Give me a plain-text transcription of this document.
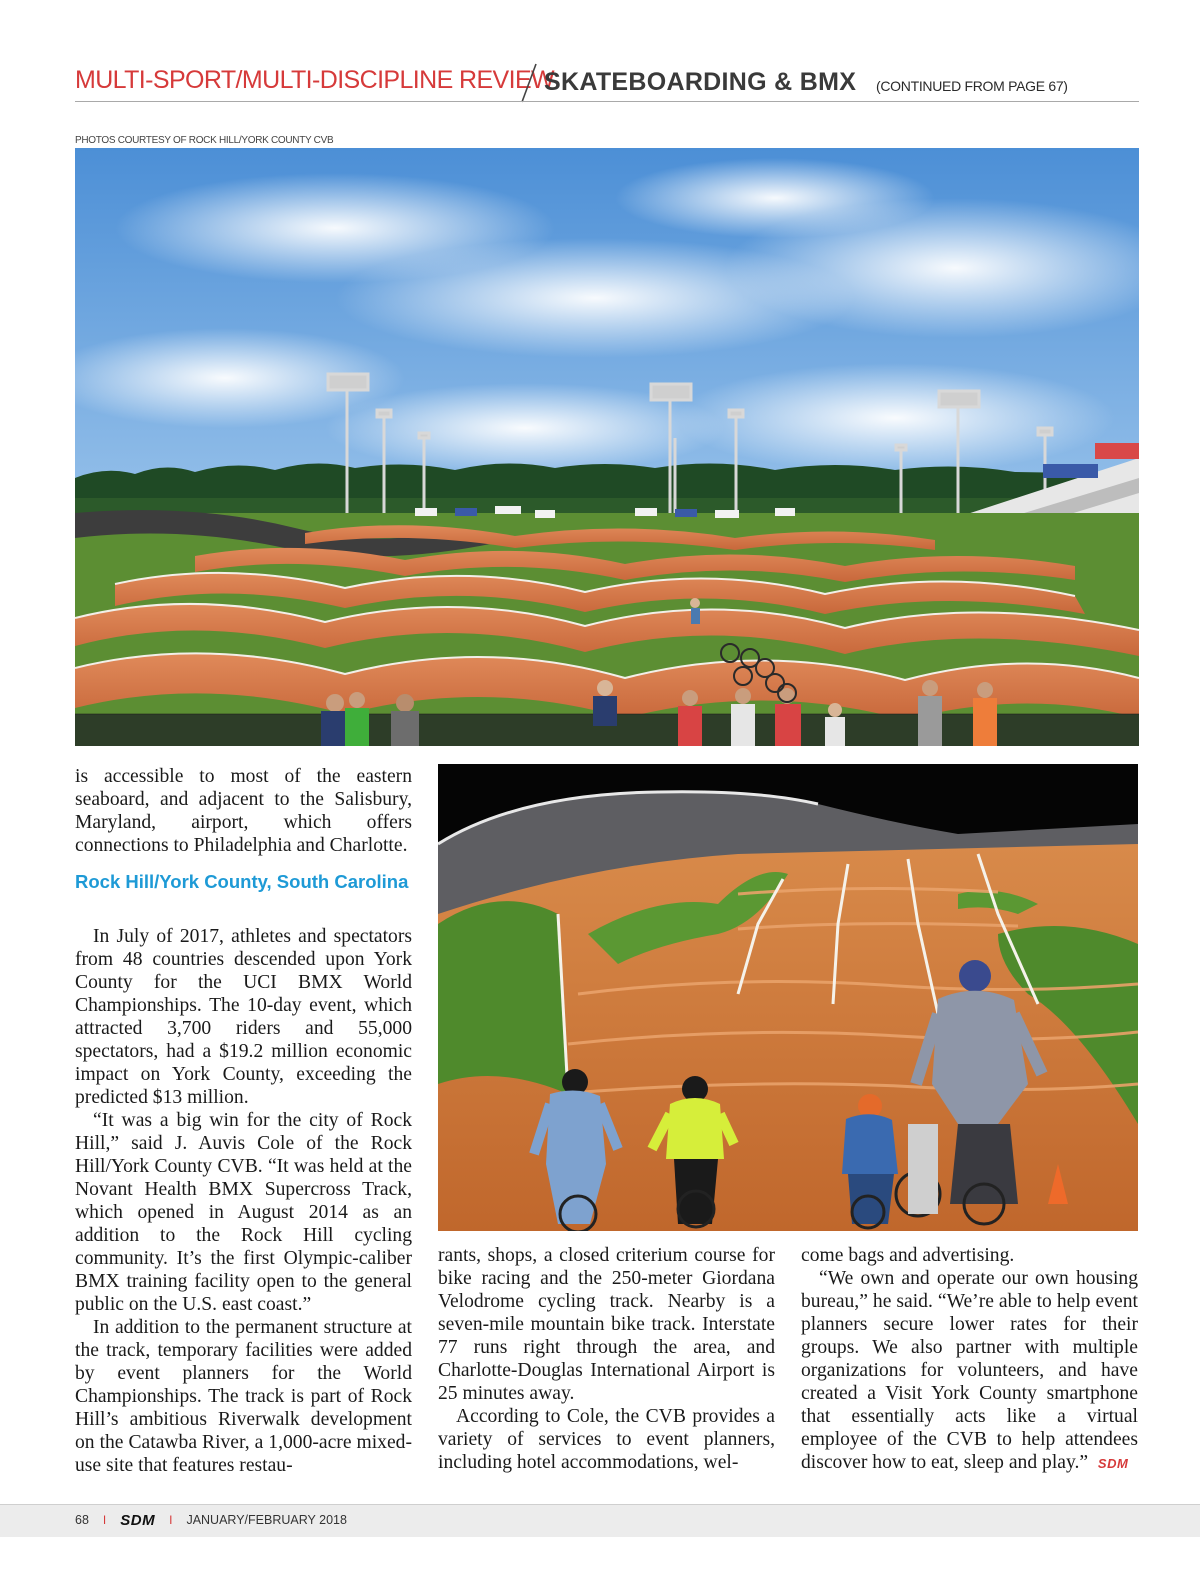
MULTI-SPORT/MULTI-DISCIPLINE REVIEW
SKATEBOARDING & BMX (CONTINUED FROM PAGE 67)
PHOTOS COURTESY OF ROCK HILL/YORK COUNTY CVB

is accessible to most of the eastern seaboard, and adjacent to the Salisbury, Maryland, airport, which offers connections to Philadelphia and Charlotte.

Rock Hill/York County, South Carolina

In July of 2017, athletes and spectators from 48 countries descended upon York County for the UCI BMX World Championships. The 10-day event, which attracted 3,700 riders and 55,000 spectators, had a $19.2 million economic impact on York County, exceeding the predicted $13 million.

“It was a big win for the city of Rock Hill,” said J. Auvis Cole of the Rock Hill/York County CVB. “It was held at the Novant Health BMX Supercross Track, which opened in August 2014 as an addition to the Rock Hill cycling community. It’s the first Olympic-caliber BMX training facility open to the general public on the U.S. east coast.”

In addition to the permanent structure at the track, temporary facilities were added by event planners for the World Championships. The track is part of Rock Hill’s ambitious Riverwalk development on the Catawba River, a 1,000-acre mixed-use site that features restau-

rants, shops, a closed criterium course for bike racing and the 250-meter Giordana Velodrome cycling track. Nearby is a seven-mile mountain bike track. Interstate 77 runs right through the area, and Charlotte-Douglas International Airport is 25 minutes away.

According to Cole, the CVB provides a variety of services to event planners, including hotel accommodations, wel-

come bags and advertising.

“We own and operate our own housing bureau,” he said. “We’re able to help event planners secure lower rates for their groups. We also partner with multiple organizations for volunteers, and have created a Visit York County smartphone that essentially acts like a virtual employee of the CVB to help attendees discover how to eat, sleep and play.” SDM

68 I SDM I JANUARY/FEBRUARY 2018
